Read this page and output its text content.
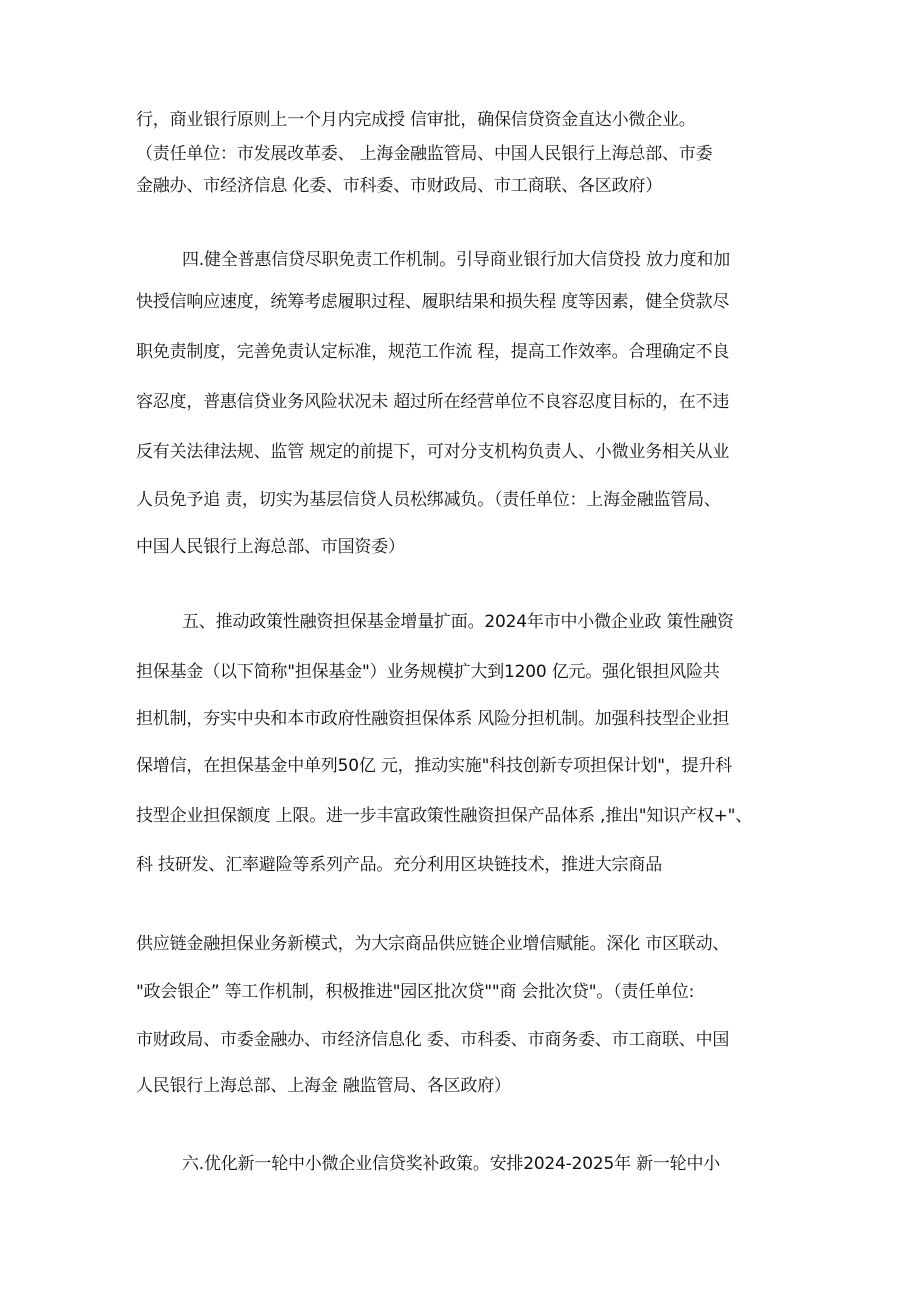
行，商业银行原则上一个月内完成授 信审批，确保信贷资金直达小微企业。
（责任单位：市发展改革委、 上海金融监管局、中国人民银行上海总部、市委
金融办、市经济信息 化委、市科委、市财政局、市工商联、各区政府）
四.健全普惠信贷尽职免责工作机制。引导商业银行加大信贷投 放力度和加
快授信响应速度，统筹考虑履职过程、履职结果和损失程 度等因素，健全贷款尽
职免责制度，完善免责认定标准，规范工作流 程，提高工作效率。合理确定不良
容忍度，普惠信贷业务风险状况未 超过所在经营单位不良容忍度目标的，在不违
反有关法律法规、监管 规定的前提下，可对分支机构负责人、小微业务相关从业
人员免予追 责，切实为基层信贷人员松绑减负。（责任单位：上海金融监管局、
中国人民银行上海总部、市国资委）
五、推动政策性融资担保基金增量扩面。2024年市中小微企业政 策性融资
担保基金（以下简称"担保基金"）业务规模扩大到1200 亿元。强化银担风险共
担机制，夯实中央和本市政府性融资担保体系 风险分担机制。加强科技型企业担
保增信，在担保基金中单列50亿 元，推动实施"科技创新专项担保计划"，提升科
技型企业担保额度 上限。进一步丰富政策性融资担保产品体系 ,推出"知识产权+"、
科 技研发、汇率避险等系列产品。充分利用区块链技术，推进大宗商品
供应链金融担保业务新模式，为大宗商品供应链企业增信赋能。深化 市区联动、
"政会银企” 等工作机制，积极推进"园区批次贷""商 会批次贷"。（责任单位:
市财政局、市委金融办、市经济信息化 委、市科委、市商务委、市工商联、中国
人民银行上海总部、上海金 融监管局、各区政府）
六.优化新一轮中小微企业信贷奖补政策。安排2024-2025年 新一轮中小
